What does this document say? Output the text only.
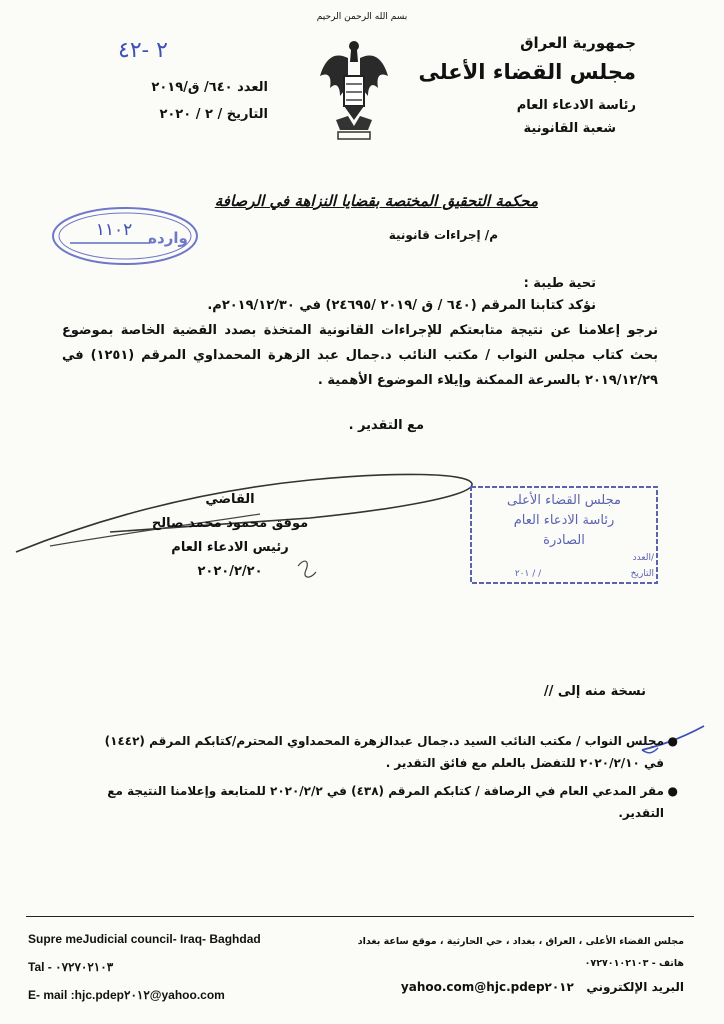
بسم الله الرحمن الرحيم
٢ -٤٢	جمهورية العراق
مجلس القضاء الأعلى
رئاسة الادعاء العام
شعبة القانونية
العدد ٦٤٠/ ق/٢٠١٩
التاريخ / ٢ / ٢٠٢٠
محكمة التحقيق المختصة بقضايا النزاهة في الرصافة
م/ إجراءات قانونية
وارده
١١٠٢
تحية طيبة :
نؤكد كتابنا المرقم (٦٤٠ / ق /٢٠١٩ /٢٤٦٩٥) في ٢٠١٩/١٢/٣٠م.
نرجو إعلامنا عن نتيجة متابعتكم للإجراءات القانونية المتخذة بصدد القضية الخاصة بموضوع بحث كتاب مجلس النواب / مكتب النائب د.جمال عبد الزهرة المحمداوي المرقم (١٢٥١) في ٢٠١٩/١٢/٢٩ بالسرعة الممكنة وإيلاء الموضوع الأهمية .
مع التقدير .
القاضي
موفق محمود محمد صالح
رئيس الادعاء العام
٢٠٢٠/٢/٢٠
مجلس القضاء الأعلى
رئاسة الادعاء العام
الصادرة
العدد/
التاريخ
٢٠١ / /
نسخة منه إلى //
●
مجلس النواب / مكتب النائب السيد د.جمال عبدالزهرة المحمداوي المحترم/كتابكم المرقم (١٤٤٢) في ٢٠٢٠/٢/١٠ للتفضل بالعلم مع فائق التقدير .
●
مقر المدعي العام في الرصافة / كتابكم المرقم (٤٣٨) في ٢٠٢٠/٢/٢ للمتابعة وإعلامنا النتيجة مع التقدير.
Supre meJudicial council- Iraq- Baghdad
Tal - ٠٧٢٧٠٢١٠٣
E- mail :hjc.pdep٢٠١٢@yahoo.com
مجلس القضاء الأعلى ، العراق ، بغداد ، حي الحارثية ، موقع ساعة بغداد
هاتف - ٠٧٢٧٠١٠٢١٠٣
البريد الإلكتروني   hjc.pdep٢٠١٢@yahoo.com
